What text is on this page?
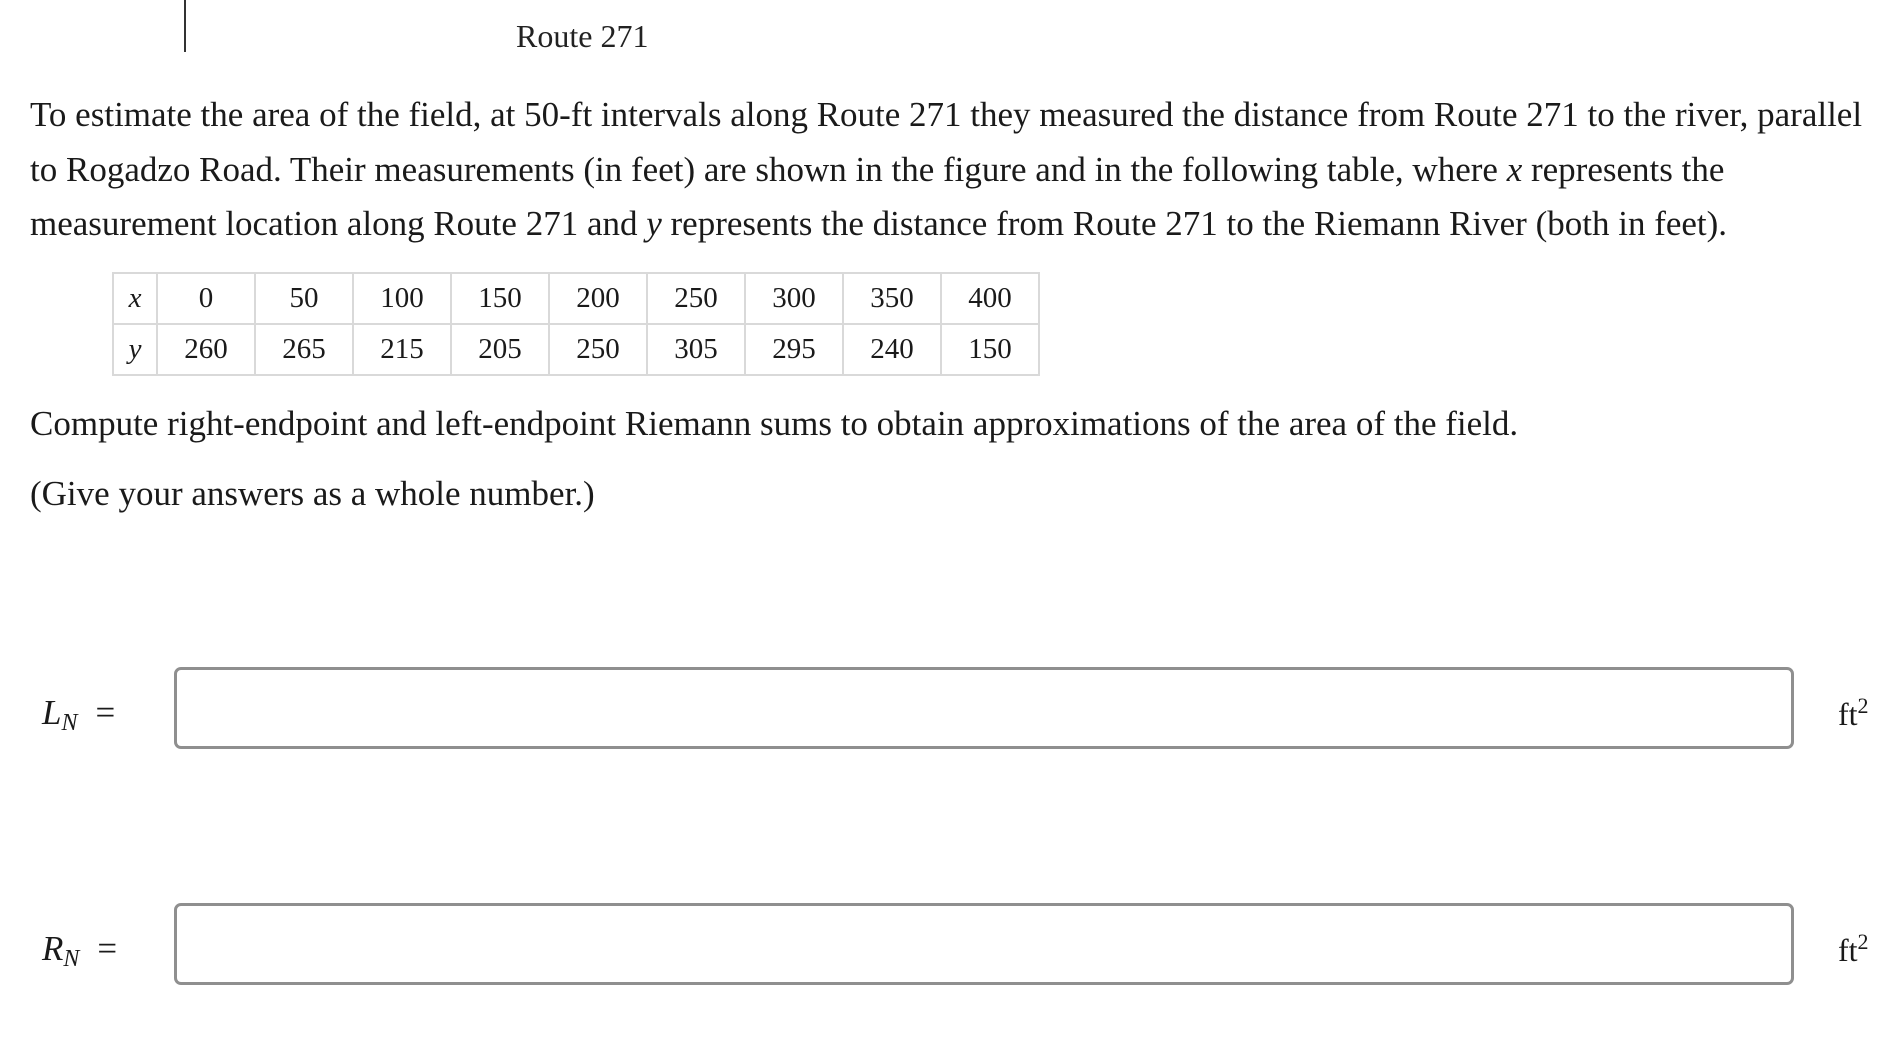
Route 271

To estimate the area of the field, at 50-ft intervals along Route 271 they measured the distance from Route 271 to the river, parallel to Rogadzo Road. Their measurements (in feet) are shown in the figure and in the following table, where x represents the measurement location along Route 271 and y represents the distance from Route 271 to the Riemann River (both in feet).

x	0	50	100	150	200	250	300	350	400
y	260	265	215	205	250	305	295	240	150
Compute right-endpoint and left-endpoint Riemann sums to obtain approximations of the area of the field.
(Give your answers as a whole number.)
$L_N$ =	$ft^2$
$R_N$ =	$ft^2$
